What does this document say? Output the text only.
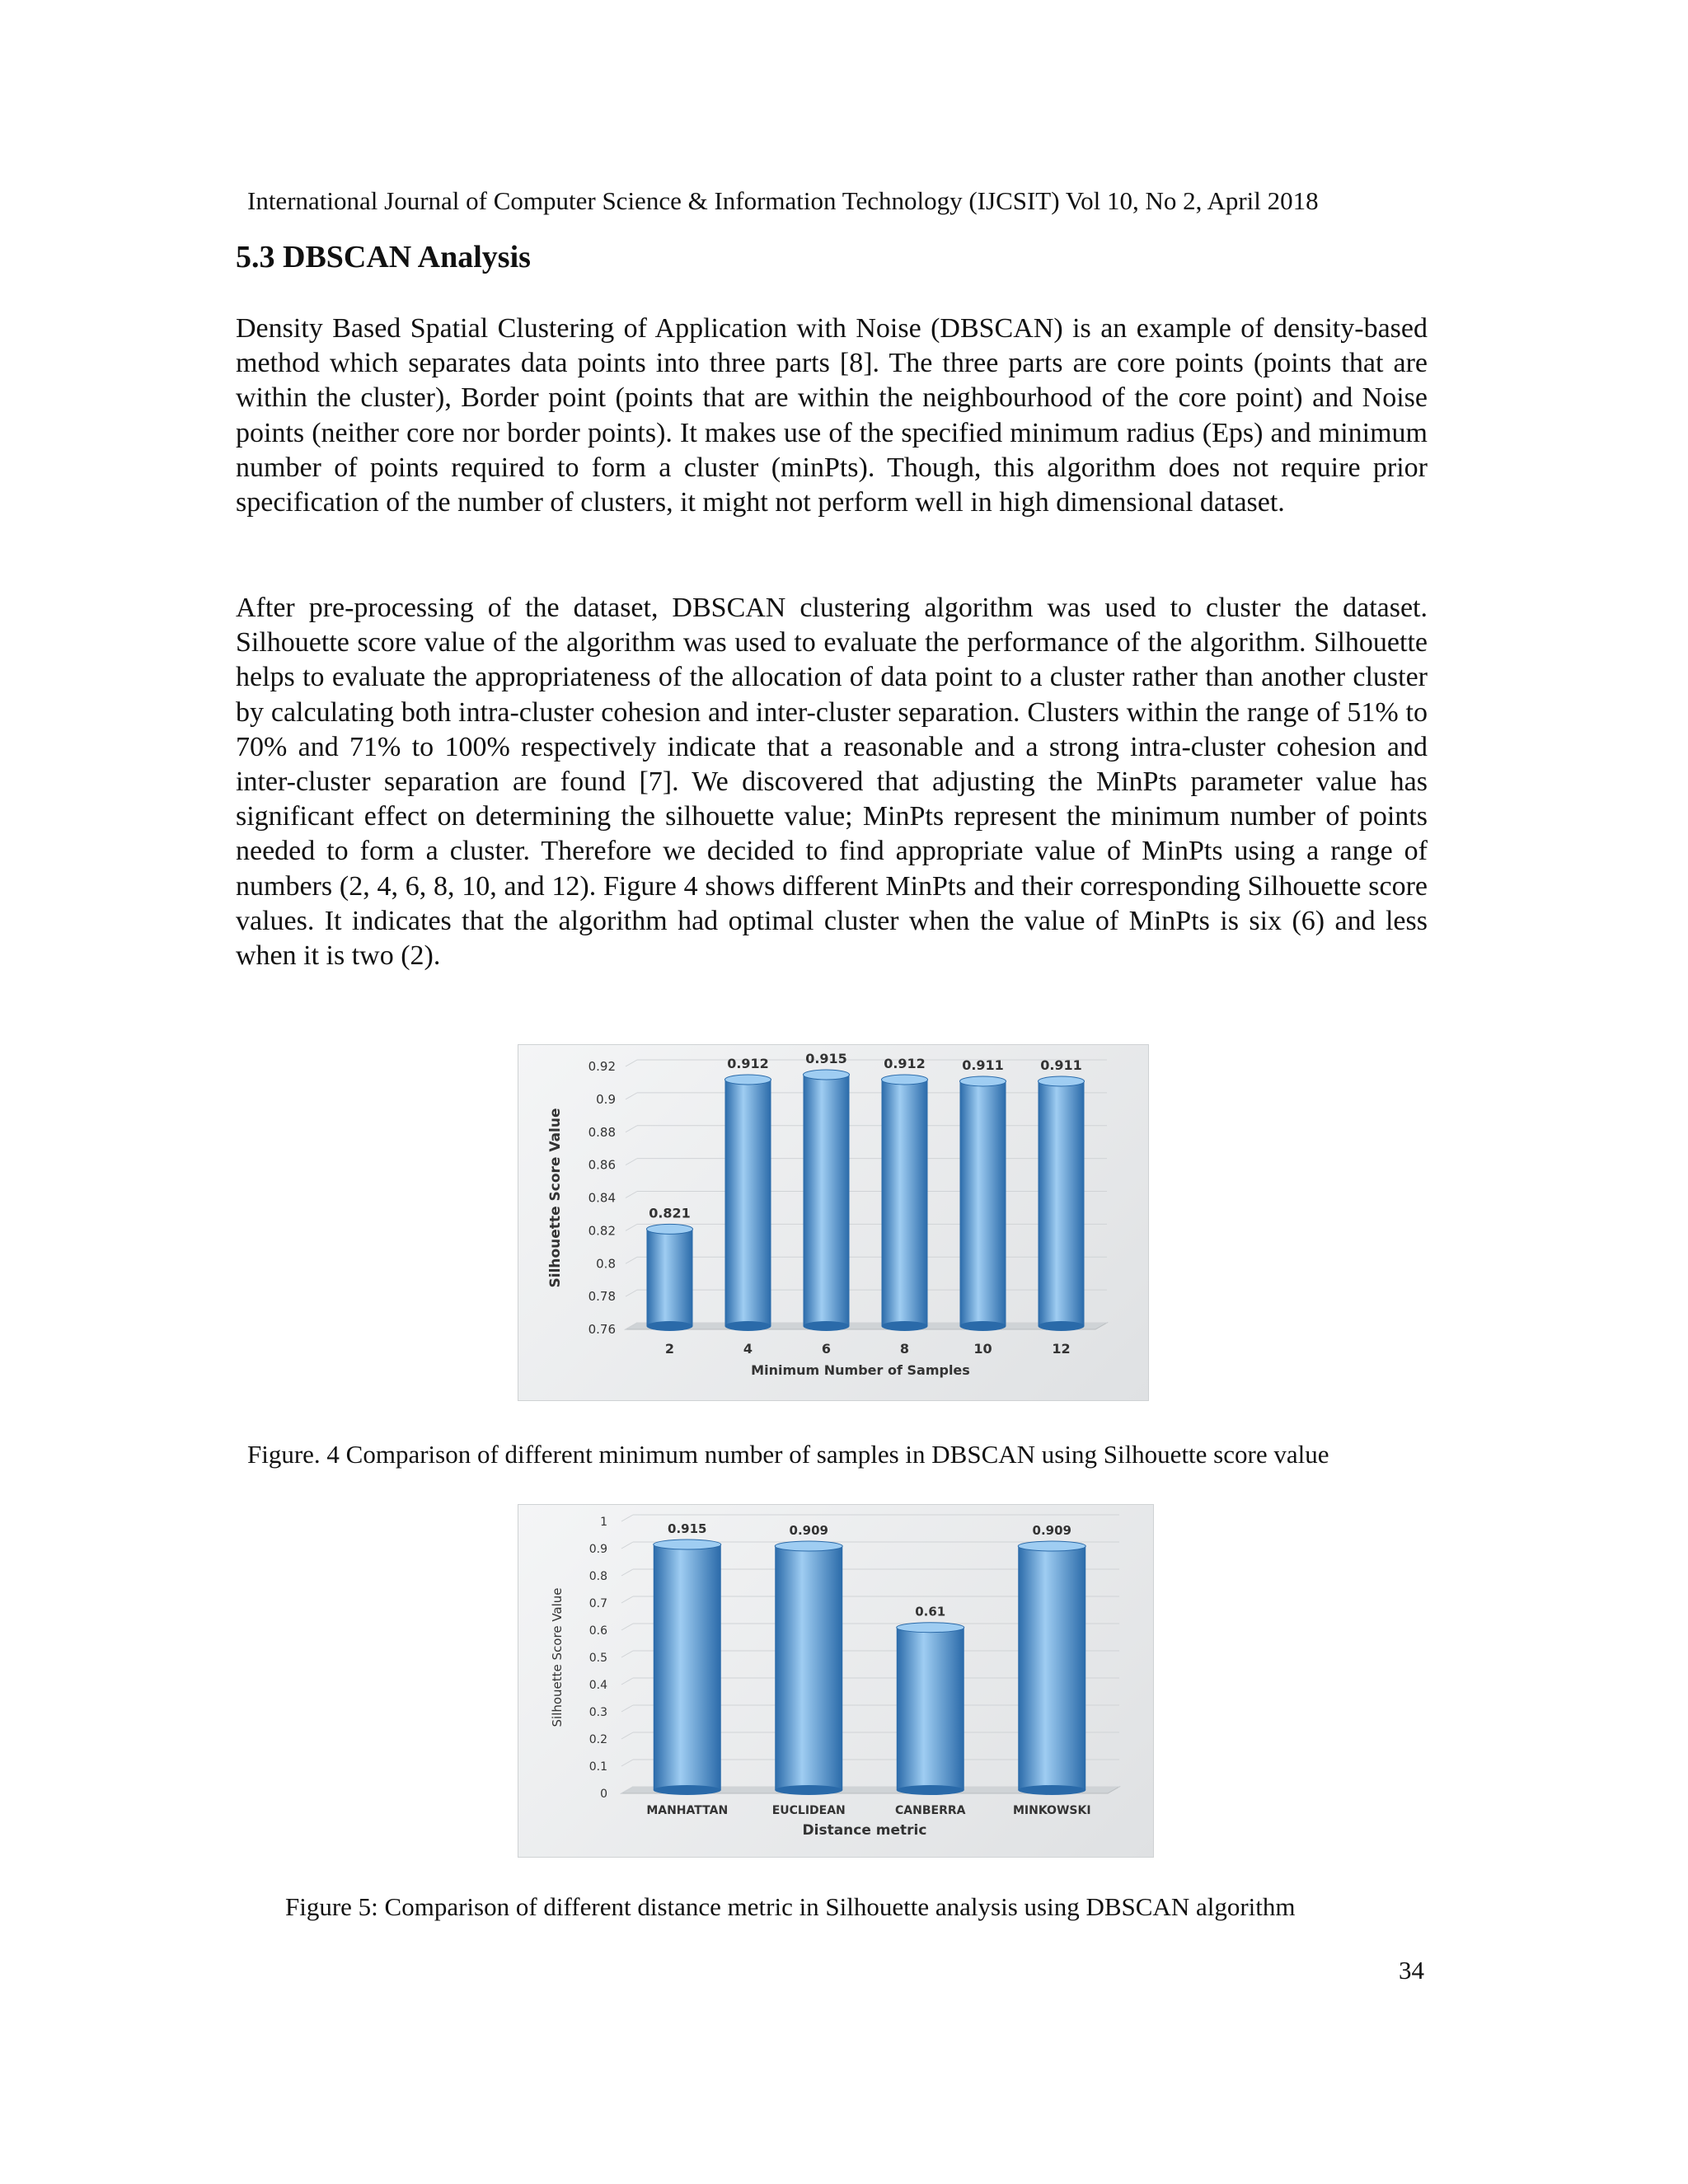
International Journal of Computer Science & Information Technology (IJCSIT) Vol 10, No 2, April 2018
5.3 DBSCAN Analysis

Density Based Spatial Clustering of Application with Noise (DBSCAN) is an example of density-based method which separates data points into three parts [8]. The three parts are core points (points that are within the cluster), Border point (points that are within the neighbourhood of the core point) and Noise points (neither core nor border points). It makes use of the specified minimum radius (Eps) and minimum number of points required to form a cluster (minPts). Though, this algorithm does not require prior specification of the number of clusters, it might not perform well in high dimensional dataset.

After pre-processing of the dataset, DBSCAN clustering algorithm was used to cluster the dataset. Silhouette score value of the algorithm was used to evaluate the performance of the algorithm. Silhouette helps to evaluate the appropriateness of the allocation of data point to a cluster rather than another cluster by calculating both intra-cluster cohesion and inter-cluster separation. Clusters within the range of 51% to 70% and 71% to 100% respectively indicate that a reasonable and a strong intra-cluster cohesion and inter-cluster separation are found [7]. We discovered that adjusting the MinPts parameter value has significant effect on determining the silhouette value; MinPts represent the minimum number of points needed to form a cluster. Therefore we decided to find appropriate value of MinPts using a range of numbers (2, 4, 6, 8, 10, and 12). Figure 4 shows different MinPts and their corresponding Silhouette score values. It indicates that the algorithm had optimal cluster when the value of MinPts is six (6) and less when it is two (2).

0.76
0.78
0.8
0.82
0.84
0.86
0.88
0.9
0.92
0.821
2
0.912
4
0.915
6
0.912
8
0.911
10
0.911
12
Minimum Number of Samples
Silhouette Score Value
Figure. 4 Comparison of different minimum number of samples in DBSCAN using Silhouette score value
0
0.1
0.2
0.3
0.4
0.5
0.6
0.7
0.8
0.9
1	0.915
MANHATTAN
0.909
EUCLIDEAN
0.61
CANBERRA
0.909
MINKOWSKI
Distance metric
Silhouette Score Value
Figure 5: Comparison of different distance metric in Silhouette analysis using DBSCAN algorithm
34
